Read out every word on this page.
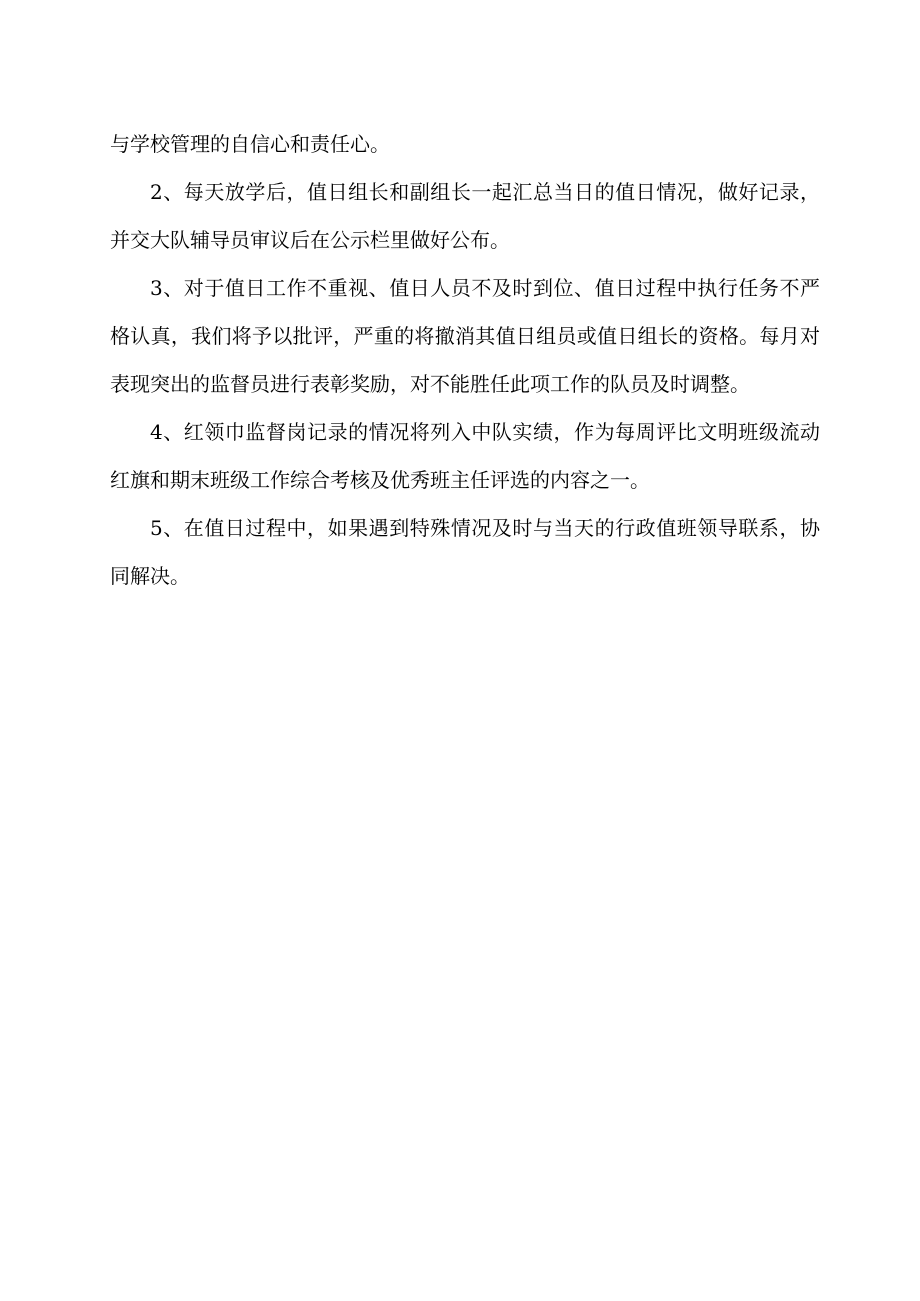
与学校管理的自信心和责任心。

2、每天放学后，值日组长和副组长一起汇总当日的值日情况，做好记录，并交大队辅导员审议后在公示栏里做好公布。

3、对于值日工作不重视、值日人员不及时到位、值日过程中执行任务不严格认真，我们将予以批评，严重的将撤消其值日组员或值日组长的资格。每月对表现突出的监督员进行表彰奖励，对不能胜任此项工作的队员及时调整。

4、红领巾监督岗记录的情况将列入中队实绩，作为每周评比文明班级流动红旗和期末班级工作综合考核及优秀班主任评选的内容之一。

5、在值日过程中，如果遇到特殊情况及时与当天的行政值班领导联系，协同解决。
